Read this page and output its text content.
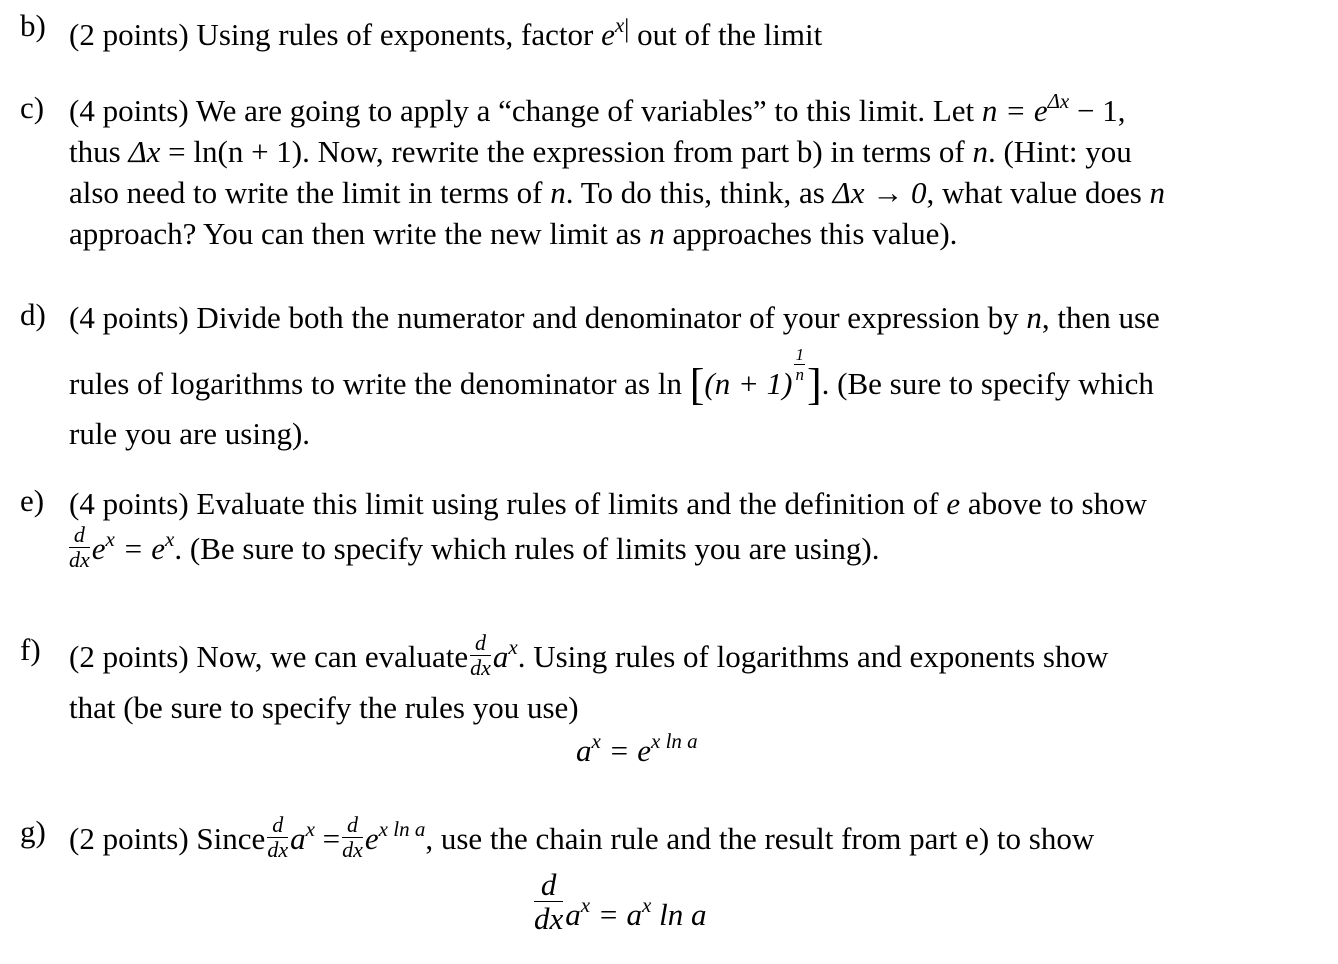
b) (2 points) Using rules of exponents, factor $e^{x|}$ out of the limit
c) (4 points) We are going to apply a “change of variables” to this limit. Let $n = e^{\Delta x} - 1$,
thus Δx = ln(n + 1). Now, rewrite the expression from part b) in terms of n. (Hint: you
also need to write the limit in terms of n. To do this, think, as Δx → 0, what value does n
approach? You can then write the new limit as n approaches this value).
d) (4 points) Divide both the numerator and denominator of your expression by n, then use
rules of logarithms to write the denominator as ln [(n + 1)
$\frac{1}{n}$ ]. (Be sure to specify which
rule you are using).
e) (4 points) Evaluate this limit using rules of limits and the definition of e above to show
$\frac{d}{dx} e^x = e^x$. (Be sure to specify which rules of limits you are using).
f) (2 points) Now, we can evaluate $\frac{d}{dx} a^x$. Using rules of logarithms and exponents show
that (be sure to specify the rules you use)
$a^x = e^{x ln a}$
g) (2 points) Since $\frac{d}{dx} a^x = \frac{d}{dx} e^{x ln a}$, use the chain rule and the result from part e) to show
$\frac{d}{dx} a^x = a^x$ ln a
